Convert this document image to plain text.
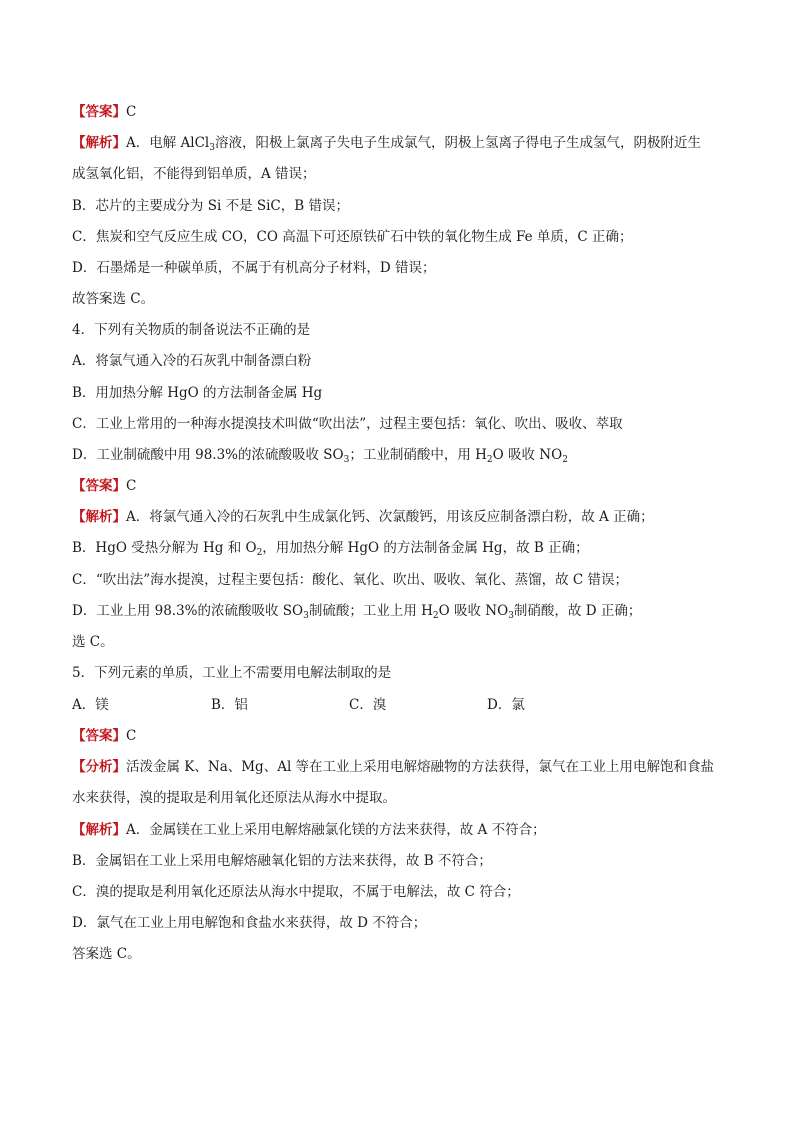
【答案】C
【解析】A．电解 AlCl$_3$溶液，阳极上氯离子失电子生成氯气，阴极上氢离子得电子生成氢气，阴极附近生
成氢氧化铝，不能得到铝单质，A 错误；
B．芯片的主要成分为 Si 不是 SiC，B 错误；
C．焦炭和空气反应生成 CO，CO 高温下可还原铁矿石中铁的氧化物生成 Fe 单质，C 正确；
D．石墨烯是一种碳单质，不属于有机高分子材料，D 错误；
故答案选 C。
4．下列有关物质的制备说法不正确的是
A．将氯气通入冷的石灰乳中制备漂白粉
B．用加热分解 HgO 的方法制备金属 Hg
C．工业上常用的一种海水提溴技术叫做“吹出法”，过程主要包括：氧化、吹出、吸收、萃取
D．工业制硫酸中用 98.3%的浓硫酸吸收 $SO_3$；工业制硝酸中，用 $H_2O$ 吸收 $NO_2$
【答案】C
【解析】A．将氯气通入冷的石灰乳中生成氯化钙、次氯酸钙，用该反应制备漂白粉，故 A 正确；
B．HgO 受热分解为 Hg 和 $O_2$，用加热分解 HgO 的方法制备金属 Hg，故 B 正确；
C．“吹出法”海水提溴，过程主要包括：酸化、氧化、吹出、吸收、氧化、蒸馏，故 C 错误；
D．工业上用 98.3%的浓硫酸吸收 $SO_3$制硫酸；工业上用 $H_2O$ 吸收 $NO_3$制硝酸，故 D 正确；
选 C。
5．下列元素的单质，工业上不需要用电解法制取的是
A．镁	B．铝	C．溴	D．氯
【答案】C
【分析】活泼金属 K、Na、Mg、Al 等在工业上采用电解熔融物的方法获得，氯气在工业上用电解饱和食盐
水来获得，溴的提取是利用氧化还原法从海水中提取。
【解析】A．金属镁在工业上采用电解熔融氯化镁的方法来获得，故 A 不符合；
B．金属铝在工业上采用电解熔融氧化铝的方法来获得，故 B 不符合；
C．溴的提取是利用氧化还原法从海水中提取，不属于电解法，故 C 符合；
D．氯气在工业上用电解饱和食盐水来获得，故 D 不符合；
答案选 C。
